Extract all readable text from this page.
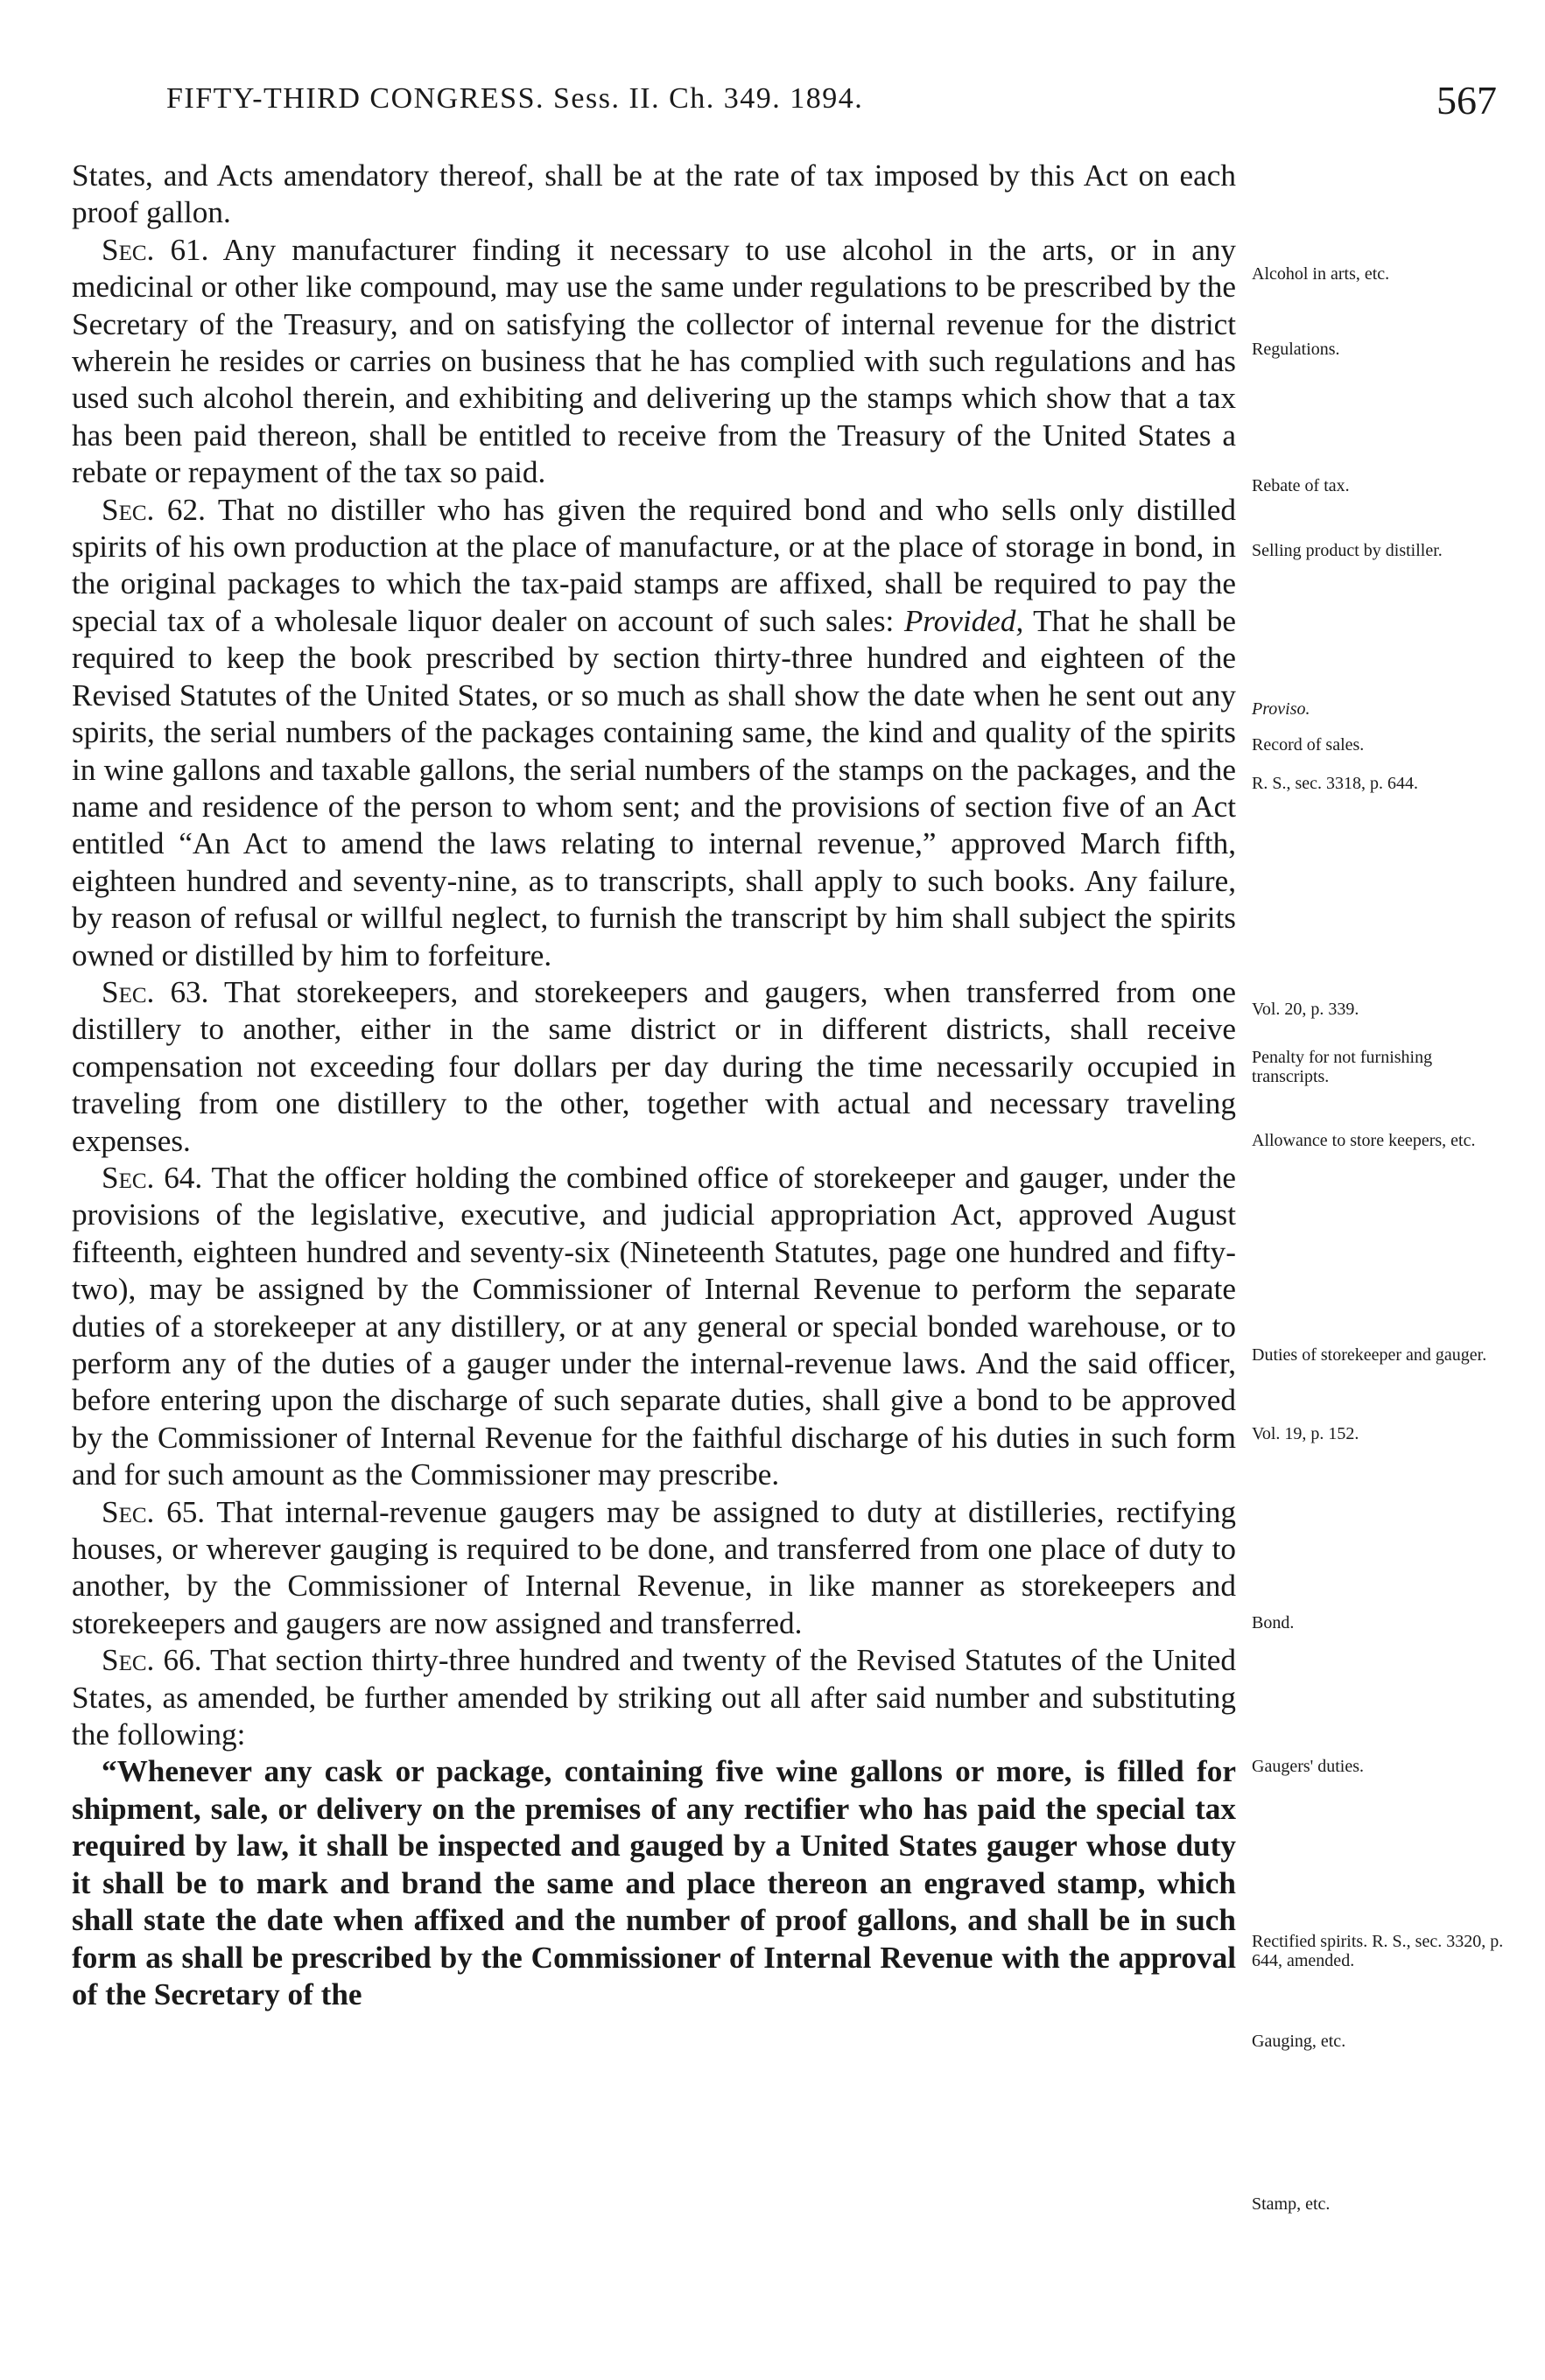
FIFTY-THIRD CONGRESS. Sess. II. Ch. 349. 1894.	567

States, and Acts amendatory thereof, shall be at the rate of tax imposed by this Act on each proof gallon.

Sec. 61. Any manufacturer finding it necessary to use alcohol in the arts, or in any medicinal or other like compound, may use the same under regulations to be prescribed by the Secretary of the Treasury, and on satisfying the collector of internal revenue for the district wherein he resides or carries on business that he has complied with such regulations and has used such alcohol therein, and exhibiting and delivering up the stamps which show that a tax has been paid thereon, shall be entitled to receive from the Treasury of the United States a rebate or repayment of the tax so paid.

Sec. 62. That no distiller who has given the required bond and who sells only distilled spirits of his own production at the place of manufacture, or at the place of storage in bond, in the original packages to which the tax-paid stamps are affixed, shall be required to pay the special tax of a wholesale liquor dealer on account of such sales: Provided, That he shall be required to keep the book prescribed by section thirty-three hundred and eighteen of the Revised Statutes of the United States, or so much as shall show the date when he sent out any spirits, the serial numbers of the packages containing same, the kind and quality of the spirits in wine gallons and taxable gallons, the serial numbers of the stamps on the packages, and the name and residence of the person to whom sent; and the provisions of section five of an Act entitled “An Act to amend the laws relating to internal revenue,” approved March fifth, eighteen hundred and seventy-nine, as to transcripts, shall apply to such books. Any failure, by reason of refusal or willful neglect, to furnish the transcript by him shall subject the spirits owned or distilled by him to forfeiture.

Sec. 63. That storekeepers, and storekeepers and gaugers, when transferred from one distillery to another, either in the same district or in different districts, shall receive compensation not exceeding four dollars per day during the time necessarily occupied in traveling from one distillery to the other, together with actual and necessary traveling expenses.

Sec. 64. That the officer holding the combined office of storekeeper and gauger, under the provisions of the legislative, executive, and judicial appropriation Act, approved August fifteenth, eighteen hundred and seventy-six (Nineteenth Statutes, page one hundred and fifty-two), may be assigned by the Commissioner of Internal Revenue to perform the separate duties of a storekeeper at any distillery, or at any general or special bonded warehouse, or to perform any of the duties of a gauger under the internal-revenue laws. And the said officer, before entering upon the discharge of such separate duties, shall give a bond to be approved by the Commissioner of Internal Revenue for the faithful discharge of his duties in such form and for such amount as the Commissioner may prescribe.

Sec. 65. That internal-revenue gaugers may be assigned to duty at distilleries, rectifying houses, or wherever gauging is required to be done, and transferred from one place of duty to another, by the Commissioner of Internal Revenue, in like manner as storekeepers and storekeepers and gaugers are now assigned and transferred.

Sec. 66. That section thirty-three hundred and twenty of the Revised Statutes of the United States, as amended, be further amended by striking out all after said number and substituting the following:

“Whenever any cask or package, containing five wine gallons or more, is filled for shipment, sale, or delivery on the premises of any rectifier who has paid the special tax required by law, it shall be inspected and gauged by a United States gauger whose duty it shall be to mark and brand the same and place thereon an engraved stamp, which shall state the date when affixed and the number of proof gallons, and shall be in such form as shall be prescribed by the Commissioner of Internal Revenue with the approval of the Secretary of the

Alcohol in arts, etc.
Regulations.
Rebate of tax.
Selling product by distiller.
Proviso.
Record of sales.
R. S., sec. 3318, p. 644.
Vol. 20, p. 339.
Penalty for not furnishing transcripts.
Allowance to store keepers, etc.
Duties of storekeeper and gauger.
Vol. 19, p. 152.
Bond.
Gaugers' duties.
Rectified spirits. R. S., sec. 3320, p. 644, amended.
Gauging, etc.
Stamp, etc.
